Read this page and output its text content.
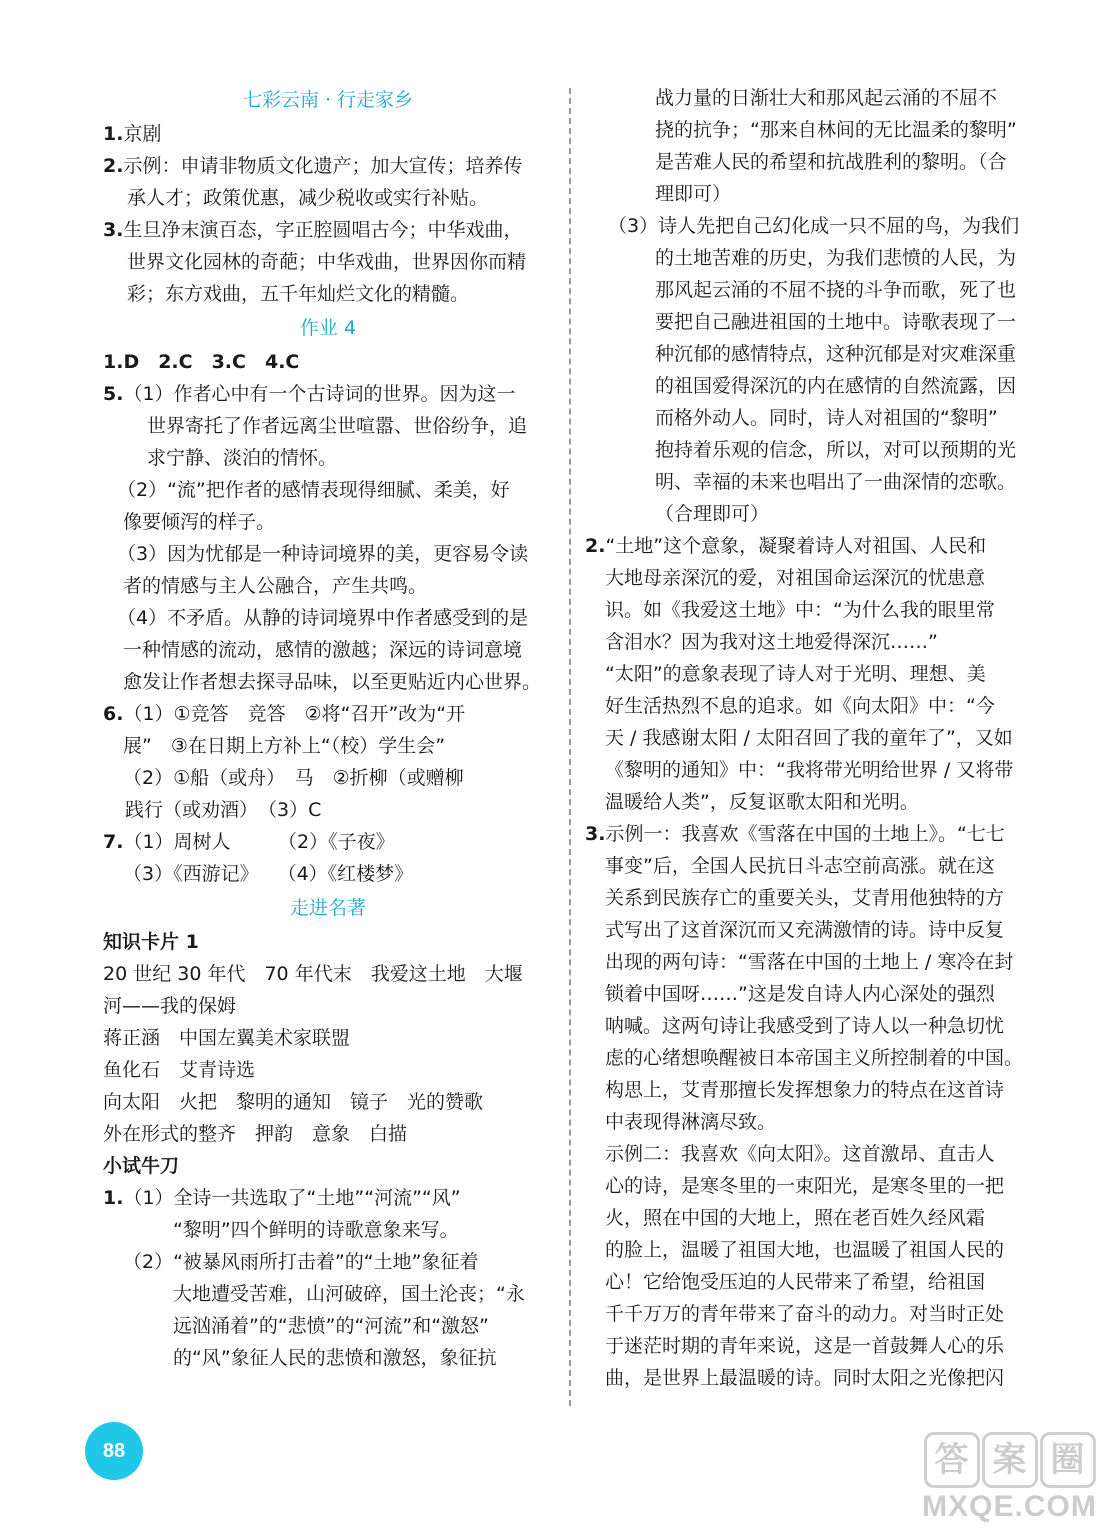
七彩云南 · 行走家乡
1.京剧
2.示例：申请非物质文化遗产；加大宣传；培养传
承人才；政策优惠，减少税收或实行补贴。
3.生旦净末演百态，字正腔圆唱古今；中华戏曲，
世界文化园林的奇葩；中华戏曲，世界因你而精
彩；东方戏曲，五千年灿烂文化的精髓。
作业 4
1.D　2.C　3.C　4.C
5.（1）作者心中有一个古诗词的世界。因为这一
世界寄托了作者远离尘世喧嚣、世俗纷争，追
求宁静、淡泊的情怀。
（2）“流”把作者的感情表现得细腻、柔美，好
像要倾泻的样子。
（3）因为忧郁是一种诗词境界的美，更容易令读
者的情感与主人公融合，产生共鸣。
（4）不矛盾。从静的诗词境界中作者感受到的是
一种情感的流动，感情的激越；深远的诗词意境
愈发让作者想去探寻品味，以至更贴近内心世界。
6.（1）①竞答　竞答　②将“召开”改为“开
展”　③在日期上方补上“（校）学生会”
（2）①船（或舟）　马　②折柳（或赠柳
践行（或劝酒）　（3）C
7.（1）周树人　　　（2）《子夜》
（3）《西游记》　　（4）《红楼梦》
走进名著
知识卡片 1
20 世纪 30 年代　70 年代末　我爱这土地　大堰
河——我的保姆
蒋正涵　中国左翼美术家联盟
鱼化石　艾青诗选
向太阳　火把　黎明的通知　镜子　光的赞歌
外在形式的整齐　押韵　意象　白描
小试牛刀
1.（1）全诗一共选取了“土地”“河流”“风”
“黎明”四个鲜明的诗歌意象来写。
（2）“被暴风雨所打击着”的“土地”象征着
大地遭受苦难，山河破碎，国土沦丧；“永
远汹涌着”的“悲愤”的“河流”和“激怒”
的“风”象征人民的悲愤和激怒，象征抗
战力量的日渐壮大和那风起云涌的不屈不
挠的抗争；“那来自林间的无比温柔的黎明”
是苦难人民的希望和抗战胜利的黎明。（合
理即可）
（3）诗人先把自己幻化成一只不屈的鸟，为我们
的土地苦难的历史，为我们悲愤的人民，为
那风起云涌的不屈不挠的斗争而歌，死了也
要把自己融进祖国的土地中。诗歌表现了一
种沉郁的感情特点，这种沉郁是对灾难深重
的祖国爱得深沉的内在感情的自然流露，因
而格外动人。同时，诗人对祖国的“黎明”
抱持着乐观的信念，所以，对可以预期的光
明、幸福的未来也唱出了一曲深情的恋歌。
（合理即可）
2.“土地”这个意象，凝聚着诗人对祖国、人民和
大地母亲深沉的爱，对祖国命运深沉的忧患意
识。如《我爱这土地》中：“为什么我的眼里常
含泪水？因为我对这土地爱得深沉……”
“太阳”的意象表现了诗人对于光明、理想、美
好生活热烈不息的追求。如《向太阳》中：“今
天 / 我感谢太阳 / 太阳召回了我的童年了”，又如
《黎明的通知》中：“我将带光明给世界 / 又将带
温暖给人类”，反复讴歌太阳和光明。
3.示例一：我喜欢《雪落在中国的土地上》。“七七
事变”后，全国人民抗日斗志空前高涨。就在这
关系到民族存亡的重要关头，艾青用他独特的方
式写出了这首深沉而又充满激情的诗。诗中反复
出现的两句诗：“雪落在中国的土地上 / 寒冷在封
锁着中国呀……”这是发自诗人内心深处的强烈
呐喊。这两句诗让我感受到了诗人以一种急切忧
虑的心绪想唤醒被日本帝国主义所控制着的中国。
构思上，艾青那擅长发挥想象力的特点在这首诗
中表现得淋漓尽致。
示例二：我喜欢《向太阳》。这首激昂、直击人
心的诗，是寒冬里的一束阳光，是寒冬里的一把
火，照在中国的大地上，照在老百姓久经风霜
的脸上，温暖了祖国大地，也温暖了祖国人民的
心！它给饱受压迫的人民带来了希望，给祖国
千千万万的青年带来了奋斗的动力。对当时正处
于迷茫时期的青年来说，这是一首鼓舞人心的乐
曲，是世界上最温暖的诗。同时太阳之光像把闪
88	答 案 圈
MXQE.COM
